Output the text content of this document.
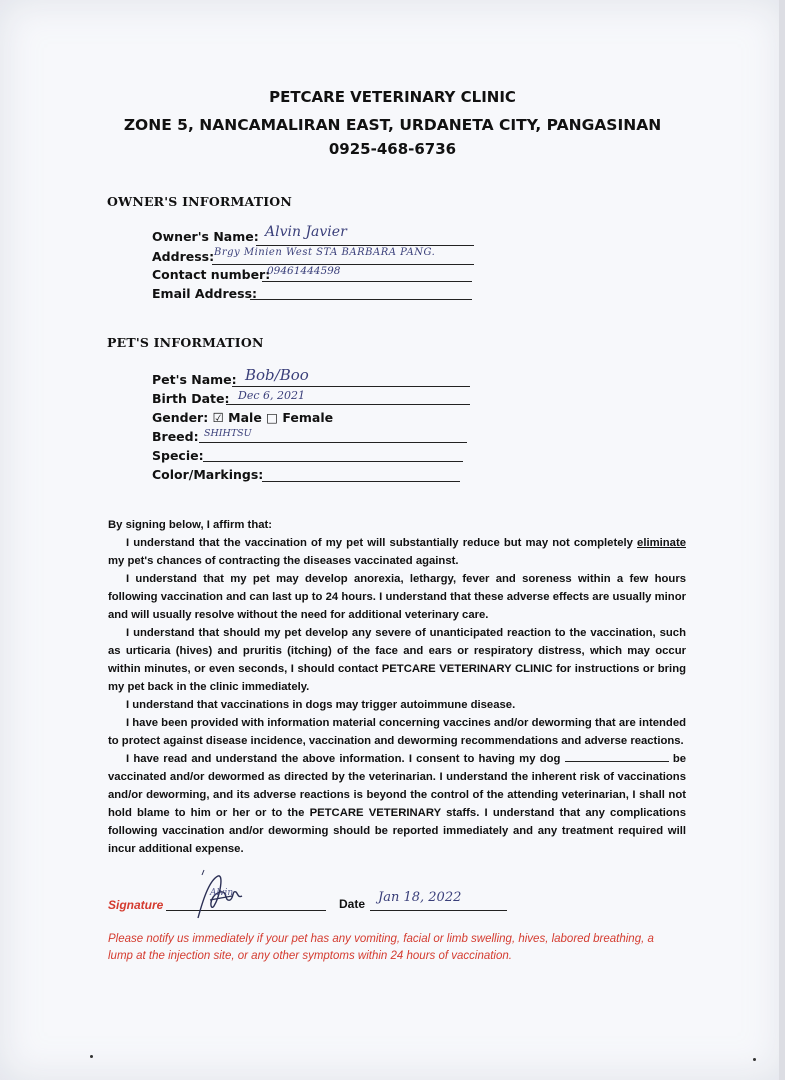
PETCARE VETERINARY CLINIC
ZONE 5, NANCAMALIRAN EAST, URDANETA CITY, PANGASINAN
0925-468-6736
OWNER'S INFORMATION
Owner's Name: Alvin Javier
Address: Brgy Minien West STA BARBARA PANG.
Contact number:
09461444598
Email Address:
PET'S INFORMATION
Pet's Name: Bob/Boo
Birth Date: Dec 6, 2021
Gender: ☑ Male □ Female
Breed: SHIHTSU
Specie:
Color/Markings:

By signing below, I affirm that:

I understand that the vaccination of my pet will substantially reduce but may not completely eliminate my pet's chances of contracting the diseases vaccinated against.

I understand that my pet may develop anorexia, lethargy, fever and soreness within a few hours following vaccination and can last up to 24 hours. I understand that these adverse effects are usually minor and will usually resolve without the need for additional veterinary care.

I understand that should my pet develop any severe of unanticipated reaction to the vaccination, such as urticaria (hives) and pruritis (itching) of the face and ears or respiratory distress, which may occur within minutes, or even seconds, I should contact PETCARE VETERINARY CLINIC for instructions or bring my pet back in the clinic immediately.

I understand that vaccinations in dogs may trigger autoimmune disease.

I have been provided with information material concerning vaccines and/or deworming that are intended to protect against disease incidence, vaccination and deworming recommendations and adverse reactions.

I have read and understand the above information. I consent to having my dog	be vaccinated and/or dewormed as directed by the veterinarian. I understand the inherent risk of vaccinations and/or deworming, and its adverse reactions is beyond the control of the attending veterinarian, I shall not hold blame to him or her or to the PETCARE VETERINARY staffs. I understand that any complications following vaccination and/or deworming should be reported immediately and any treatment required will incur additional expense.

Signature
Alvin
Date Jan 18, 2022
Please notify us immediately if your pet has any vomiting, facial or limb swelling, hives, labored breathing, a lump at the injection site, or any other symptoms within 24 hours of vaccination.
